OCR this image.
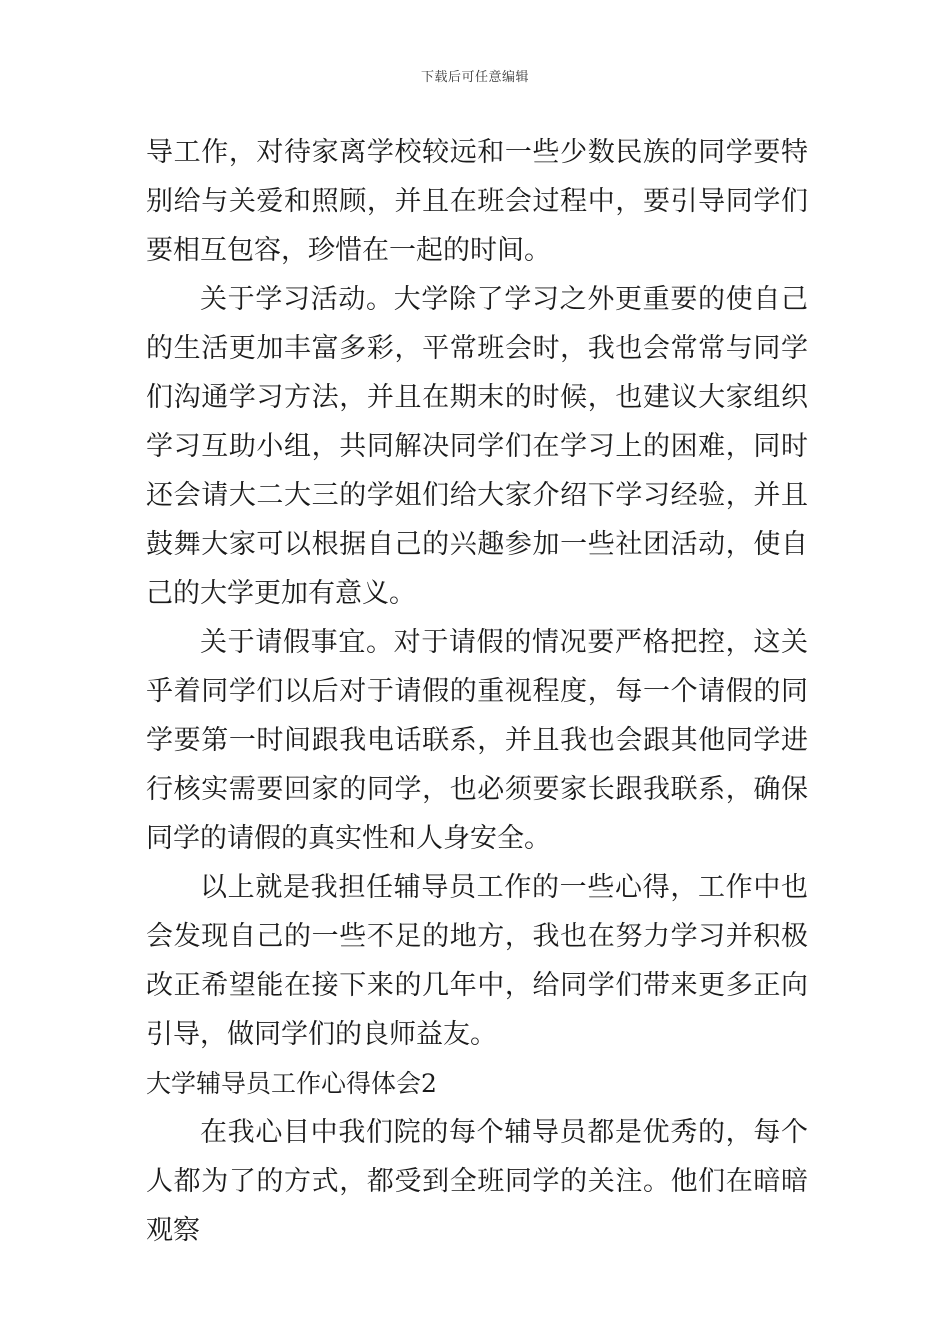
下载后可任意编辑

导工作，对待家离学校较远和一些少数民族的同学要特别给与关爱和照顾，并且在班会过程中，要引导同学们要相互包容，珍惜在一起的时间。

关于学习活动。大学除了学习之外更重要的使自己的生活更加丰富多彩，平常班会时，我也会常常与同学们沟通学习方法，并且在期末的时候，也建议大家组织学习互助小组，共同解决同学们在学习上的困难，同时还会请大二大三的学姐们给大家介绍下学习经验，并且鼓舞大家可以根据自己的兴趣参加一些社团活动，使自己的大学更加有意义。

关于请假事宜。对于请假的情况要严格把控，这关乎着同学们以后对于请假的重视程度，每一个请假的同学要第一时间跟我电话联系，并且我也会跟其他同学进行核实需要回家的同学，也必须要家长跟我联系，确保同学的请假的真实性和人身安全。

以上就是我担任辅导员工作的一些心得，工作中也会发现自己的一些不足的地方，我也在努力学习并积极改正希望能在接下来的几年中，给同学们带来更多正向引导，做同学们的良师益友。

大学辅导员工作心得体会2

在我心目中我们院的每个辅导员都是优秀的，每个人都为了的方式，都受到全班同学的关注。他们在暗暗观察
